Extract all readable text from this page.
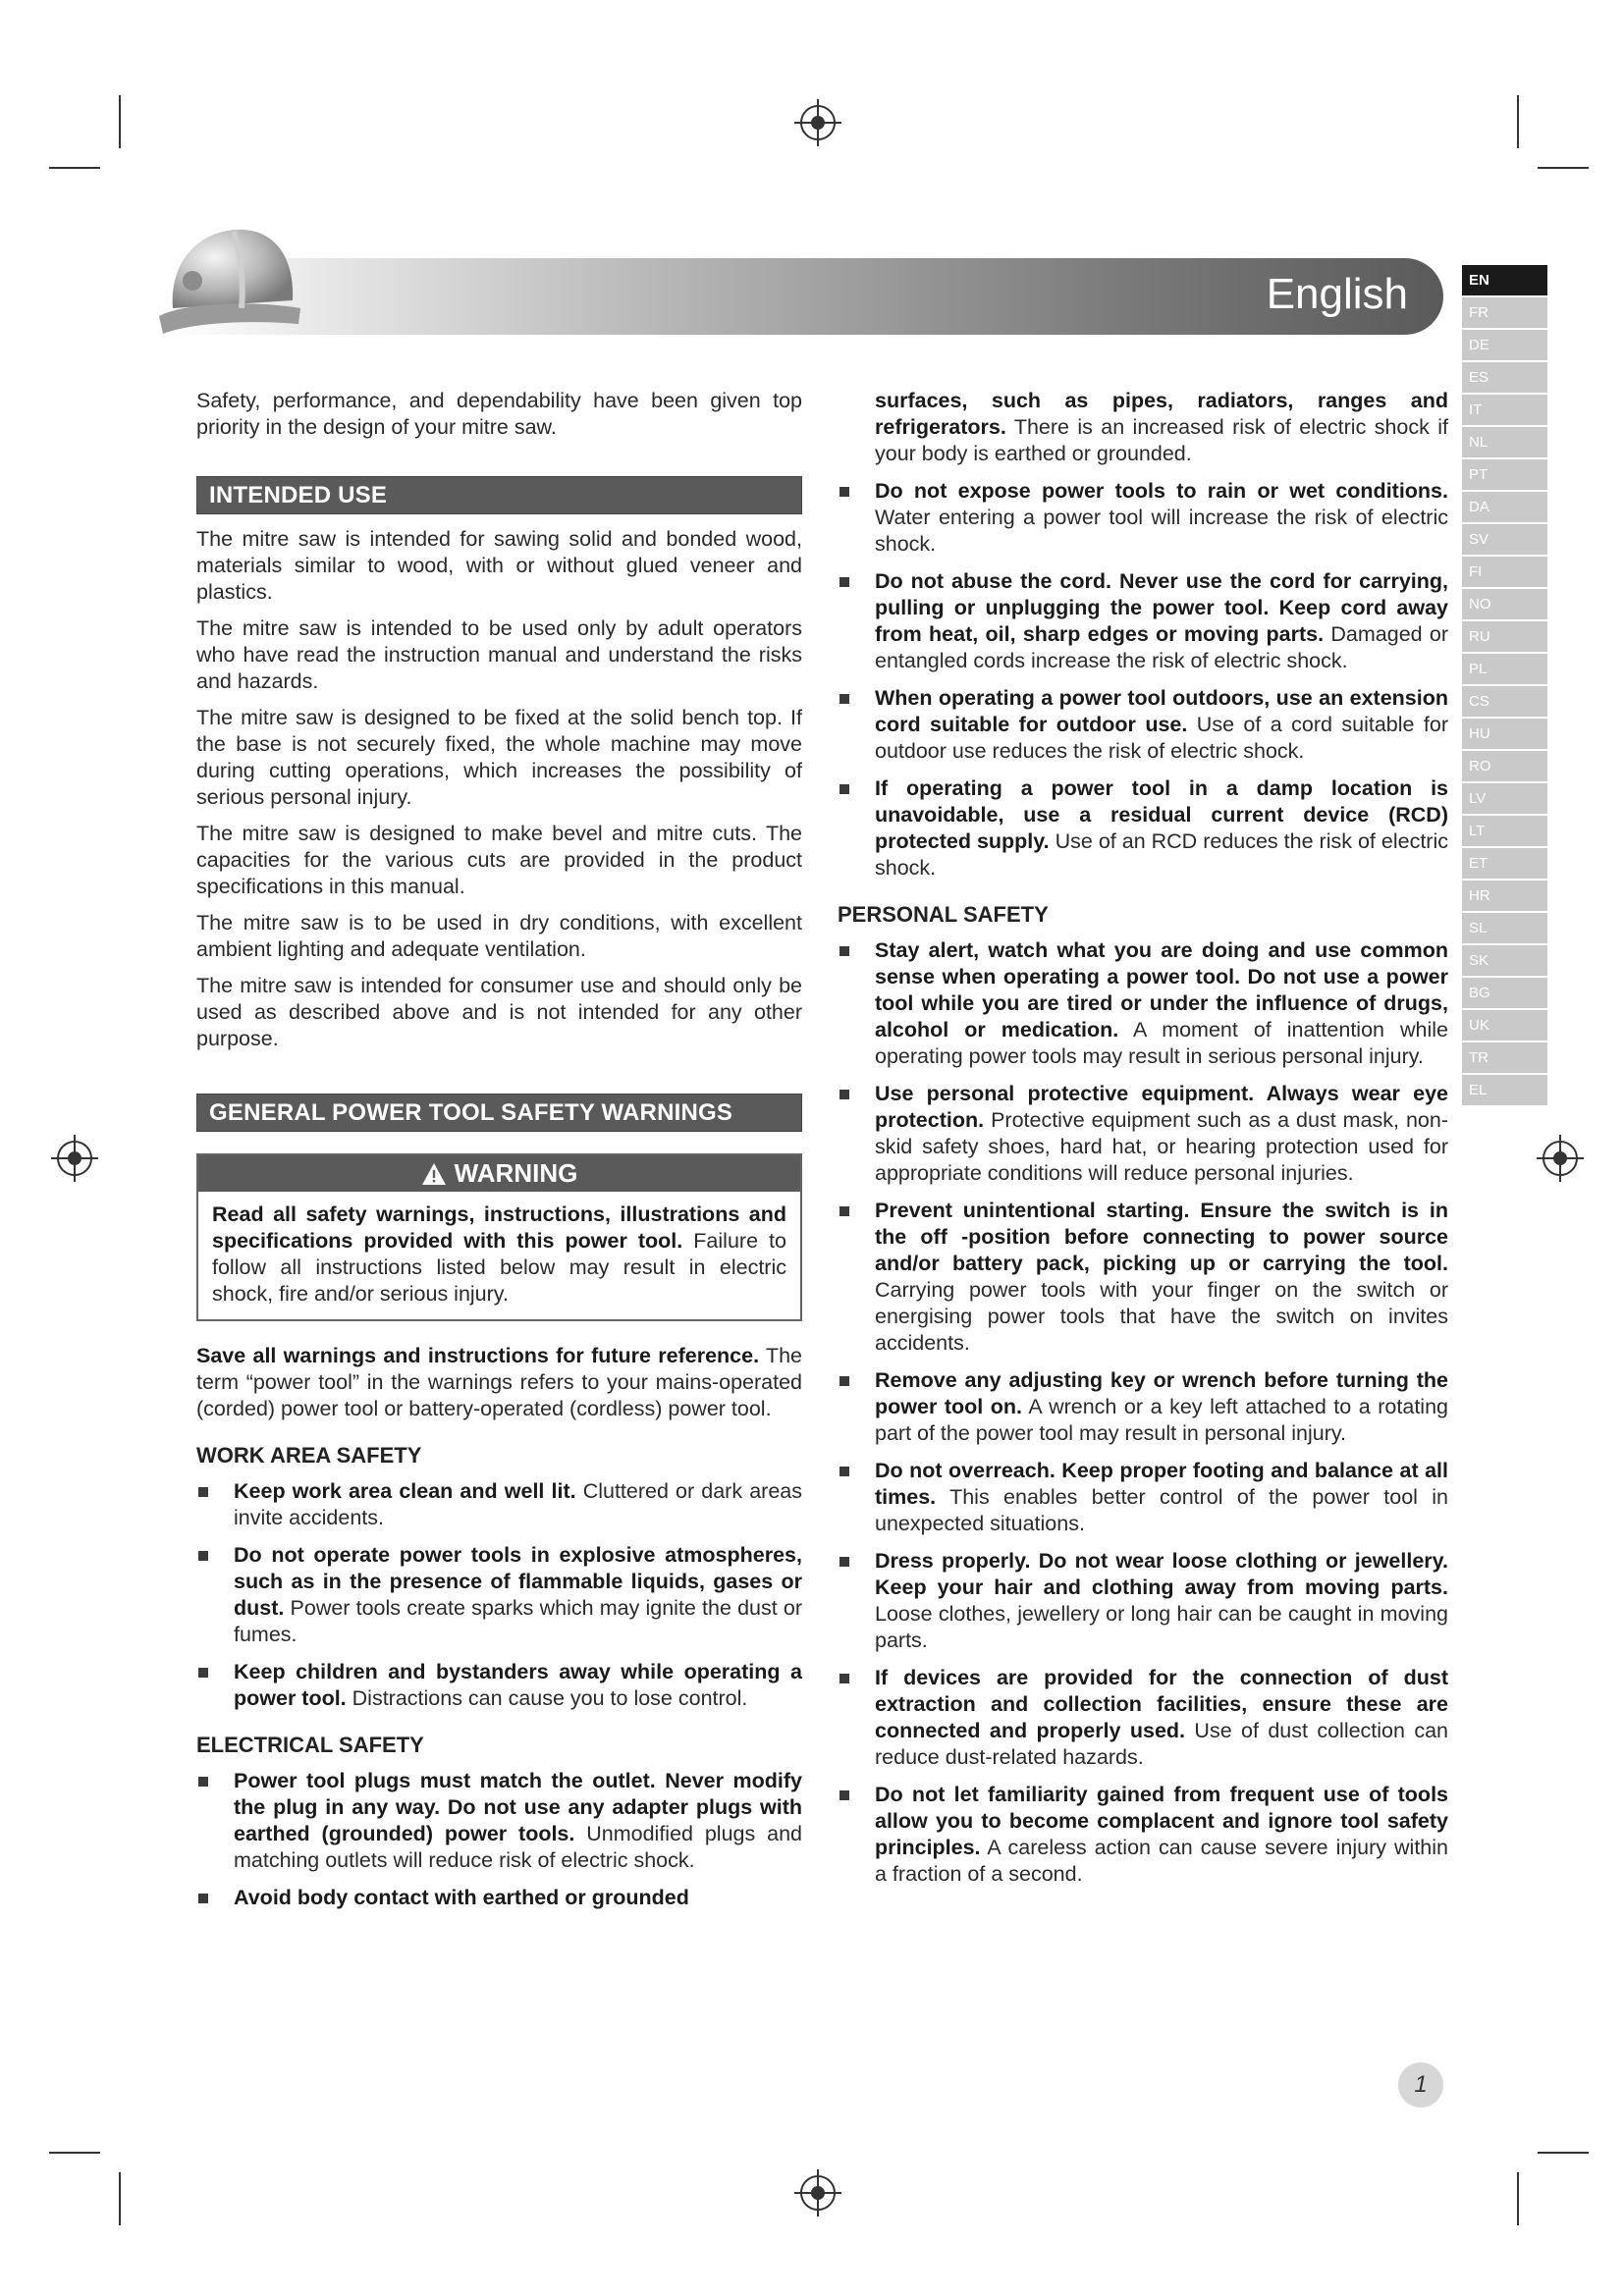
English	EN
FR
DE
ES
IT
NL
PT
DA
SV
FI
NO
RU
PL
CS
HU
RO
LV
LT
ET
HR
SL
SK
BG
UK
TR
EL

Safety, performance, and dependability have been given top priority in the design of your mitre saw.

INTENDED USE

The mitre saw is intended for sawing solid and bonded wood, materials similar to wood, with or without glued veneer and plastics.

The mitre saw is intended to be used only by adult operators who have read the instruction manual and understand the risks and hazards.

The mitre saw is designed to be fixed at the solid bench top. If the base is not securely fixed, the whole machine may move during cutting operations, which increases the possibility of serious personal injury.

The mitre saw is designed to make bevel and mitre cuts. The capacities for the various cuts are provided in the product specifications in this manual.

The mitre saw is to be used in dry conditions, with excellent ambient lighting and adequate ventilation.

The mitre saw is intended for consumer use and should only be used as described above and is not intended for any other purpose.

GENERAL POWER TOOL SAFETY WARNINGS
WARNING
Read all safety warnings, instructions, illustrations and specifications provided with this power tool. Failure to follow all instructions listed below may result in electric shock, fire and/or serious injury.

Save all warnings and instructions for future reference. The term “power tool” in the warnings refers to your mains-operated (corded) power tool or battery-operated (cordless) power tool.

WORK AREA SAFETY
Keep work area clean and well lit. Cluttered or dark areas invite accidents.
Do not operate power tools in explosive atmospheres, such as in the presence of flammable liquids, gases or dust. Power tools create sparks which may ignite the dust or fumes.
Keep children and bystanders away while operating a power tool. Distractions can cause you to lose control.
ELECTRICAL SAFETY
Power tool plugs must match the outlet. Never modify the plug in any way. Do not use any adapter plugs with earthed (grounded) power tools. Unmodified plugs and matching outlets will reduce risk of electric shock.
Avoid body contact with earthed or grounded
surfaces, such as pipes, radiators, ranges and refrigerators. There is an increased risk of electric shock if your body is earthed or grounded.
Do not expose power tools to rain or wet conditions. Water entering a power tool will increase the risk of electric shock.
Do not abuse the cord. Never use the cord for carrying, pulling or unplugging the power tool. Keep cord away from heat, oil, sharp edges or moving parts. Damaged or entangled cords increase the risk of electric shock.
When operating a power tool outdoors, use an extension cord suitable for outdoor use. Use of a cord suitable for outdoor use reduces the risk of electric shock.
If operating a power tool in a damp location is unavoidable, use a residual current device (RCD) protected supply. Use of an RCD reduces the risk of electric shock.
PERSONAL SAFETY
Stay alert, watch what you are doing and use common sense when operating a power tool. Do not use a power tool while you are tired or under the influence of drugs, alcohol or medication. A moment of inattention while operating power tools may result in serious personal injury.
Use personal protective equipment. Always wear eye protection. Protective equipment such as a dust mask, non-skid safety shoes, hard hat, or hearing protection used for appropriate conditions will reduce personal injuries.
Prevent unintentional starting. Ensure the switch is in the off -position before connecting to power source and/or battery pack, picking up or carrying the tool. Carrying power tools with your finger on the switch or energising power tools that have the switch on invites accidents.
Remove any adjusting key or wrench before turning the power tool on. A wrench or a key left attached to a rotating part of the power tool may result in personal injury.
Do not overreach. Keep proper footing and balance at all times. This enables better control of the power tool in unexpected situations.
Dress properly. Do not wear loose clothing or jewellery. Keep your hair and clothing away from moving parts. Loose clothes, jewellery or long hair can be caught in moving parts.
If devices are provided for the connection of dust extraction and collection facilities, ensure these are connected and properly used. Use of dust collection can reduce dust-related hazards.
Do not let familiarity gained from frequent use of tools allow you to become complacent and ignore tool safety principles. A careless action can cause severe injury within a fraction of a second.
1
